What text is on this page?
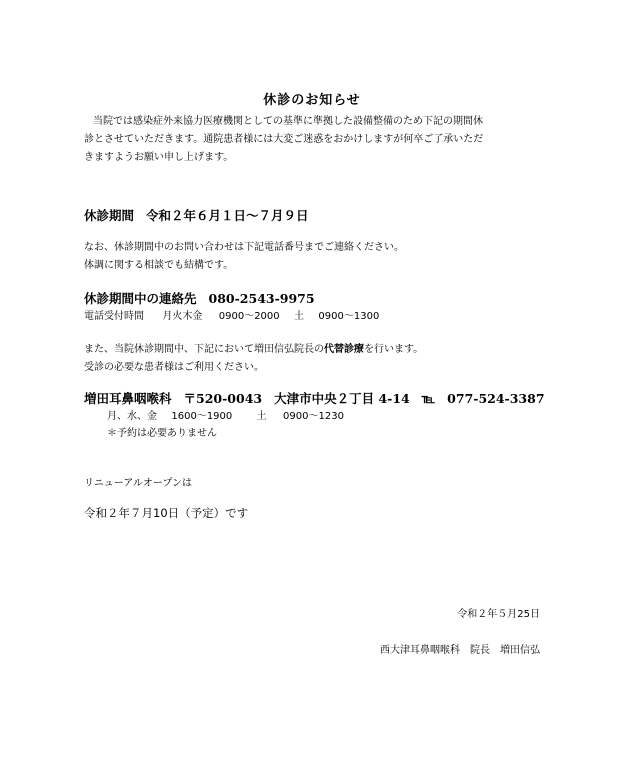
休診のお知らせ
当院では感染症外来協力医療機関としての基準に準拠した設備整備のため下記の期間休
診とさせていただきます。通院患者様には大変ご迷惑をおかけしますが何卒ご了承いただ
きますようお願い申し上げます。
休診期間 令和２年６月１日〜７月９日
なお、休診期間中のお問い合わせは下記電話番号までご連絡ください。
体調に関する相談でも結構です。
休診期間中の連絡先 080-2543-9975
電話受付時間 月火木金 0900〜2000 土 0900〜1300
また、当院休診期間中、下記において増田信弘院長の代替診療を行います。
受診の必要な患者様はご利用ください。
増田耳鼻咽喉科 〒520-0043 大津市中央２丁目 4-14 ℡ 077-524-3387
月、水、金 1600〜1900 土 0900〜1230
＊予約は必要ありません
リニューアルオープンは
令和２年７月10日（予定）です
令和２年５月25日
西大津耳鼻咽喉科　院長　増田信弘
